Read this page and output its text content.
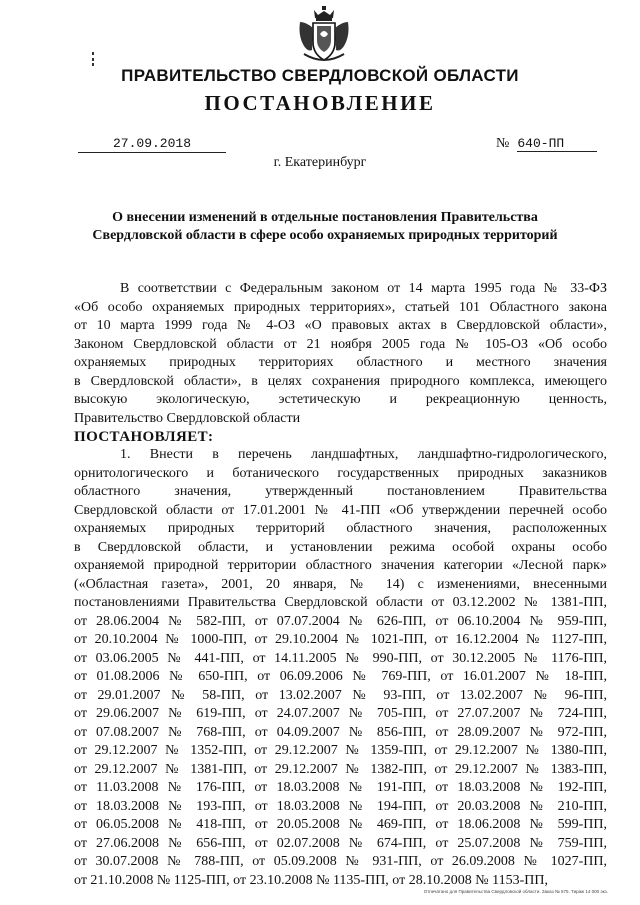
ПРАВИТЕЛЬСТВО СВЕРДЛОВСКОЙ ОБЛАСТИ
ПОСТАНОВЛЕНИЕ
27.09.2018	№ 640-ПП
г. Екатеринбург
О внесении изменений в отдельные постановления Правительства
Свердловской области в сфере особо охраняемых природных территорий
В соответствии с Федеральным законом от 14 марта 1995 года № 33-ФЗ
«Об особо охраняемых природных территориях», статьей 101 Областного закона
от 10 марта 1999 года № 4-ОЗ «О правовых актах в Свердловской области»,
Законом Свердловской области от 21 ноября 2005 года № 105-ОЗ «Об особо
охраняемых природных территориях областного и местного значения
в Свердловской области», в целях сохранения природного комплекса, имеющего
высокую экологическую, эстетическую и рекреационную ценность,
Правительство Свердловской области
ПОСТАНОВЛЯЕТ:
1. Внести в перечень ландшафтных, ландшафтно-гидрологического,
орнитологического и ботанического государственных природных заказников
областного значения, утвержденный постановлением Правительства
Свердловской области от 17.01.2001 № 41-ПП «Об утверждении перечней особо
охраняемых природных территорий областного значения, расположенных
в Свердловской области, и установлении режима особой охраны особо
охраняемой природной территории областного значения категории «Лесной парк»
(«Областная газета», 2001, 20 января, № 14) с изменениями, внесенными
постановлениями Правительства Свердловской области от 03.12.2002 № 1381-ПП,
от 28.06.2004 № 582-ПП, от 07.07.2004 № 626-ПП, от 06.10.2004 № 959-ПП,
от 20.10.2004 № 1000-ПП, от 29.10.2004 № 1021-ПП, от 16.12.2004 № 1127-ПП,
от 03.06.2005 № 441-ПП, от 14.11.2005 № 990-ПП, от 30.12.2005 № 1176-ПП,
от 01.08.2006 № 650-ПП, от 06.09.2006 № 769-ПП, от 16.01.2007 № 18-ПП,
от 29.01.2007 № 58-ПП, от 13.02.2007 № 93-ПП, от 13.02.2007 № 96-ПП,
от 29.06.2007 № 619-ПП, от 24.07.2007 № 705-ПП, от 27.07.2007 № 724-ПП,
от 07.08.2007 № 768-ПП, от 04.09.2007 № 856-ПП, от 28.09.2007 № 972-ПП,
от 29.12.2007 № 1352-ПП, от 29.12.2007 № 1359-ПП, от 29.12.2007 № 1380-ПП,
от 29.12.2007 № 1381-ПП, от 29.12.2007 № 1382-ПП, от 29.12.2007 № 1383-ПП,
от 11.03.2008 № 176-ПП, от 18.03.2008 № 191-ПП, от 18.03.2008 № 192-ПП,
от 18.03.2008 № 193-ПП, от 18.03.2008 № 194-ПП, от 20.03.2008 № 210-ПП,
от 06.05.2008 № 418-ПП, от 20.05.2008 № 469-ПП, от 18.06.2008 № 599-ПП,
от 27.06.2008 № 656-ПП, от 02.07.2008 № 674-ПП, от 25.07.2008 № 759-ПП,
от 30.07.2008 № 788-ПП, от 05.09.2008 № 931-ПП, от 26.09.2008 № 1027-ПП,
от 21.10.2008 № 1125-ПП, от 23.10.2008 № 1135-ПП, от 28.10.2008 № 1153-ПП,
Отпечатано для Правительства Свердловской области. Заказ № 575. Тираж 14 000 экз.
